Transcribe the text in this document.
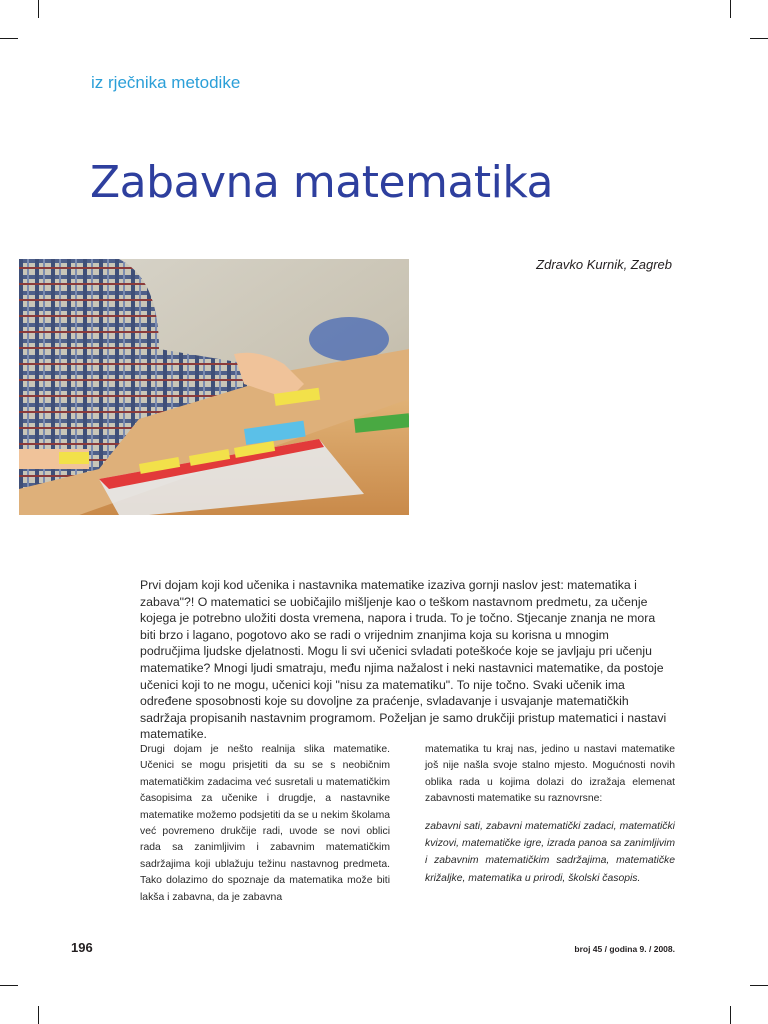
iz rječnika metodike
Zabavna matematika
Zdravko Kurnik, Zagreb

Prvi dojam koji kod učenika i nastavnika matematike izaziva gornji naslov jest: matematika i zabava"?! O matematici se uobičajilo mišljenje kao o teškom nastavnom predmetu, za učenje kojega je potrebno uložiti dosta vremena, napora i truda. To je točno. Stjecanje znanja ne mora biti brzo i lagano, pogotovo ako se radi o vrijednim znanjima koja su korisna u mnogim područjima ljudske djelatnosti. Mogu li svi učenici svladati poteškoće koje se javljaju pri učenju matematike? Mnogi ljudi smatraju, među njima nažalost i neki nastavnici matematike, da postoje učenici koji to ne mogu, učenici koji "nisu za matematiku". To nije točno. Svaki učenik ima određene sposobnosti koje su dovoljne za praćenje, svladavanje i usvajanje matematičkih sadržaja propisanih nastavnim programom. Poželjan je samo drukčiji pristup matematici i nastavi matematike.

Drugi dojam je nešto realnija slika matematike. Učenici se mogu prisjetiti da su se s neobičnim matematičkim zadacima već susretali u matematičkim časopisima za učenike i drugdje, a nastavnike matematike možemo podsjetiti da se u nekim školama već povremeno drukčije radi, uvode se novi oblici rada sa zanimljivim i zabavnim matematičkim sadržajima koji ublažuju težinu nastavnog predmeta. Tako dolazimo do spoznaje da matematika može biti lakša i zabavna, da je zabavna

matematika tu kraj nas, jedino u nastavi matematike još nije našla svoje stalno mjesto. Mogućnosti novih oblika rada u kojima dolazi do izražaja elemenat zabavnosti matematike su raznovrsne:

zabavni sati, zabavni matematički zadaci, matematički kvizovi, matematičke igre, izrada panoa sa zanimljivim i zabavnim matematičkim sadržajima, matematičke križaljke, matematika u prirodi, školski časopis.

196	broj 45 / godina 9. / 2008.
